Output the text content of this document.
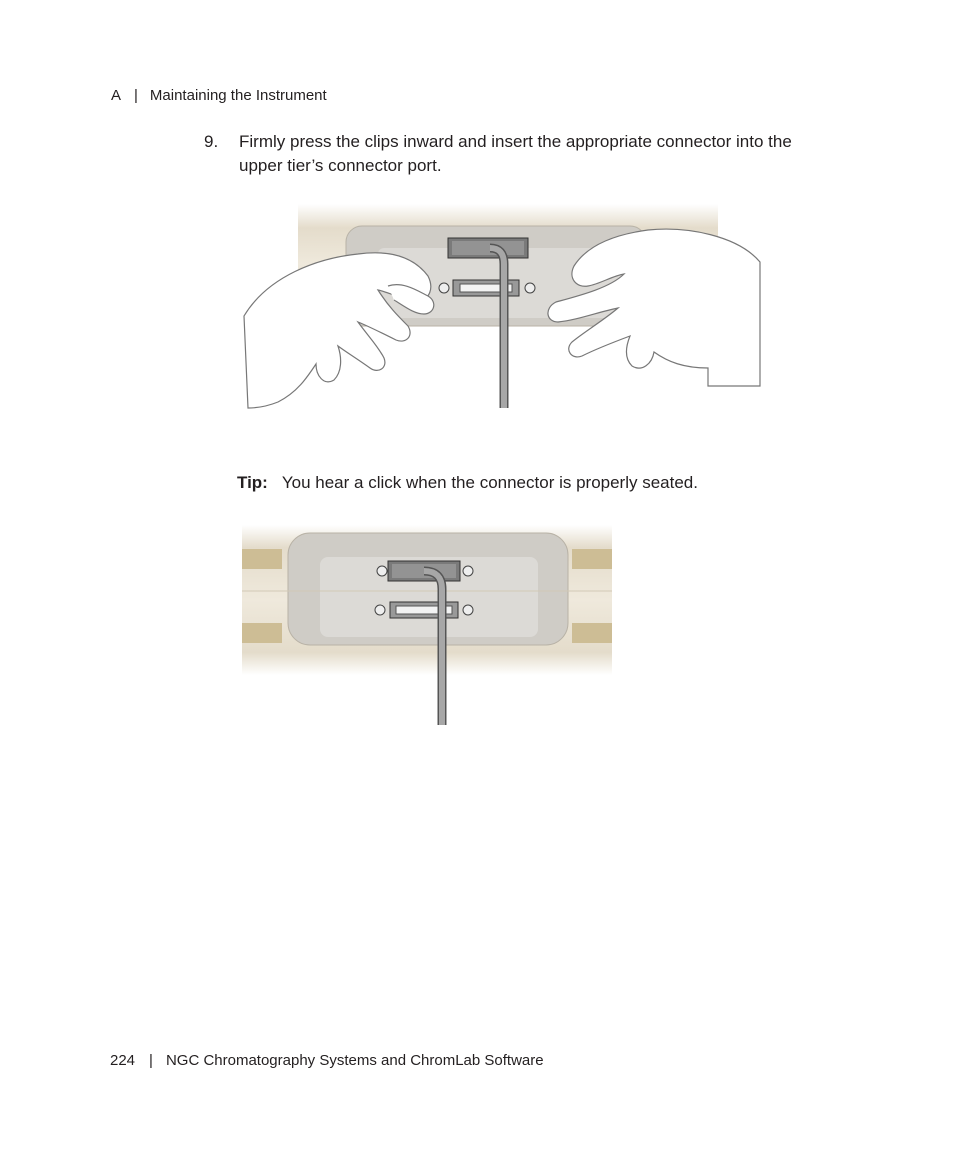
A | Maintaining the Instrument
9. Firmly press the clips inward and insert the appropriate connector into the upper tier’s connector port.
Tip: You hear a click when the connector is properly seated.
224 | NGC Chromatography Systems and ChromLab Software
